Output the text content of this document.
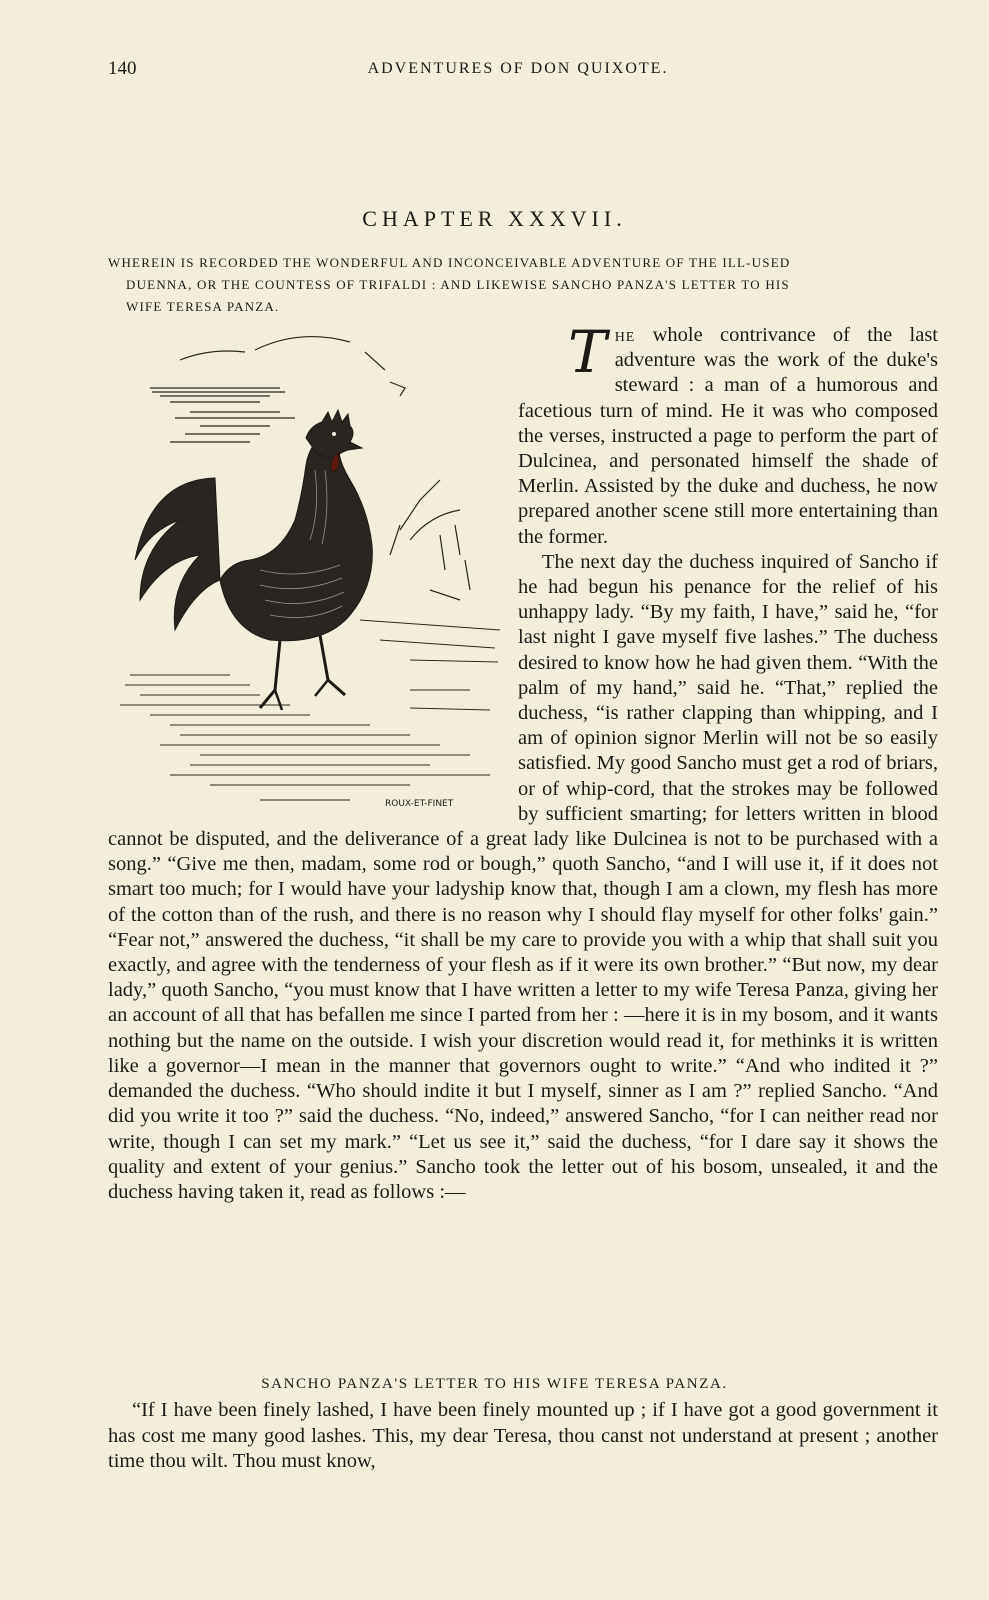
140	ADVENTURES OF DON QUIXOTE.
CHAPTER XXXVII.
WHEREIN IS RECORDED THE WONDERFUL AND INCONCEIVABLE ADVENTURE OF THE ILL-USED
DUENNA, OR THE COUNTESS OF TRIFALDI : AND LIKEWISE SANCHO PANZA'S LETTER TO HIS
WIFE TERESA PANZA.
ROUX-ET-FINET

The whole contrivance of the last adventure was the work of the duke's steward : a man of a humorous and facetious turn of mind. He it was who composed the verses, instructed a page to perform the part of Dulcinea, and personated himself the shade of Merlin. Assisted by the duke and duchess, he now prepared another scene still more entertaining than the former.

The next day the duchess inquired of Sancho if he had begun his penance for the relief of his unhappy lady. “By my faith, I have,” said he, “for last night I gave myself five lashes.” The duchess desired to know how he had given them. “With the palm of my hand,” said he. “That,” replied the duchess, “is rather clapping than whipping, and I am of opinion signor Merlin will not be so easily satisfied. My good Sancho must get a rod of briars, or of whip-cord, that the strokes may be followed by sufficient smarting; for letters written in blood cannot be disputed, and the deliverance of a great lady like Dulcinea is not to be purchased with a song.” “Give me then, madam, some rod or bough,” quoth Sancho, “and I will use it, if it does not smart too much; for I would have your ladyship know that, though I am a clown, my flesh has more of the cotton than of the rush, and there is no reason why I should flay myself for other folks' gain.” “Fear not,” answered the duchess, “it shall be my care to provide you with a whip that shall suit you exactly, and agree with the tenderness of your flesh as if it were its own brother.” “But now, my dear lady,” quoth Sancho, “you must know that I have written a letter to my wife Teresa Panza, giving her an account of all that has befallen me since I parted from her : —here it is in my bosom, and it wants nothing but the name on the outside. I wish your discretion would read it, for methinks it is written like a governor—I mean in the manner that governors ought to write.” “And who indited it ?” demanded the duchess. “Who should indite it but I myself, sinner as I am ?” replied Sancho. “And did you write it too ?” said the duchess. “No, indeed,” answered Sancho, “for I can neither read nor write, though I can set my mark.” “Let us see it,” said the duchess, “for I dare say it shows the quality and extent of your genius.” Sancho took the letter out of his bosom, unsealed, it and the duchess having taken it, read as follows :—

SANCHO PANZA'S LETTER TO HIS WIFE TERESA PANZA.

“If I have been finely lashed, I have been finely mounted up ; if I have got a good government it has cost me many good lashes. This, my dear Teresa, thou canst not understand at present ; another time thou wilt. Thou must know,
